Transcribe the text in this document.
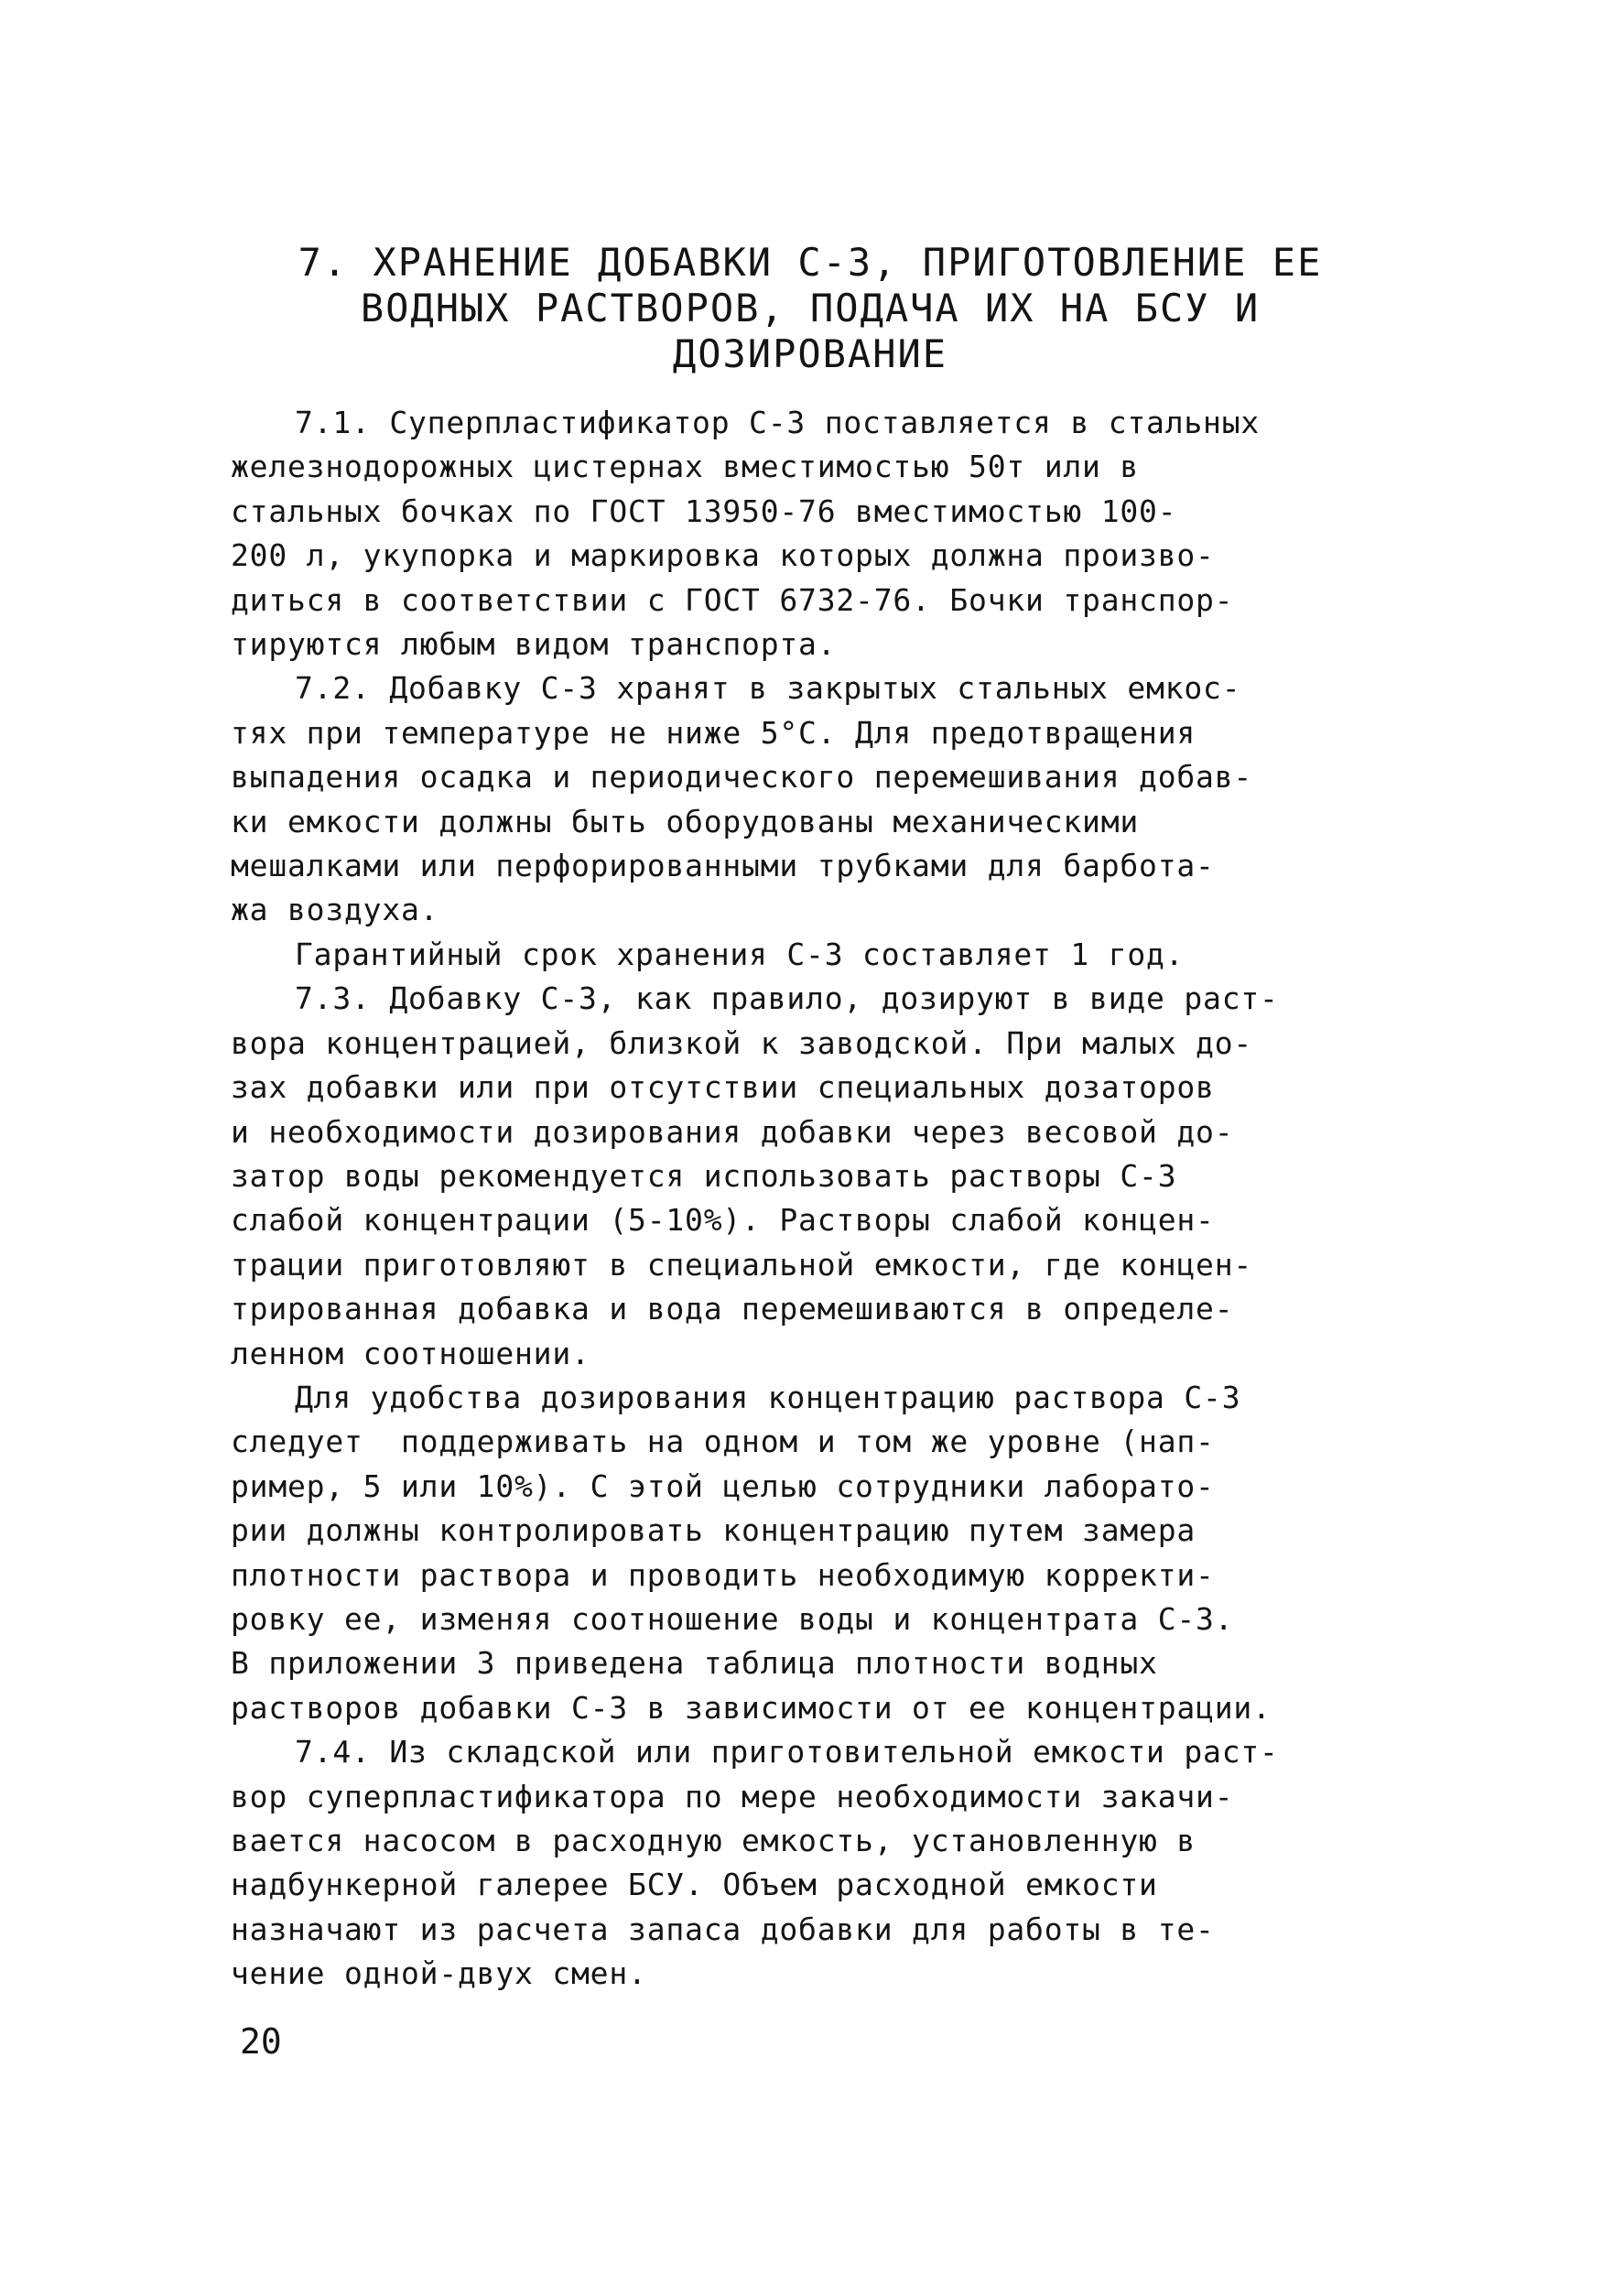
7. ХРАНЕНИЕ ДОБАВКИ С-3, ПРИГОТОВЛЕНИЕ ЕЕ
ВОДНЫХ РАСТВОРОВ, ПОДАЧА ИХ НА БСУ И
ДОЗИРОВАНИЕ
7.1. Суперпластификатор С-3 поставляется в стальных
железнодорожных цистернах вместимостью 50т или в
стальных бочках по ГОСТ 13950-76 вместимостью 100-
200 л, укупорка и маркировка которых должна произво-
диться в соответствии с ГОСТ 6732-76. Бочки транспор-
тируются любым видом транспорта.
7.2. Добавку С-3 хранят в закрытых стальных емкос-
тях при температуре не ниже 5°С. Для предотвращения
выпадения осадка и периодического перемешивания добав-
ки емкости должны быть оборудованы механическими
мешалками или перфорированными трубками для барбота-
жа воздуха.
Гарантийный срок хранения С-3 составляет 1 год.
7.3. Добавку С-3, как правило, дозируют в виде раст-
вора концентрацией, близкой к заводской. При малых до-
зах добавки или при отсутствии специальных дозаторов
и необходимости дозирования добавки через весовой до-
затор воды рекомендуется использовать растворы С-3
слабой концентрации (5-10%). Растворы слабой концен-
трации приготовляют в специальной емкости, где концен-
трированная добавка и вода перемешиваются в определе-
ленном соотношении.
Для удобства дозирования концентрацию раствора С-3
следует  поддерживать на одном и том же уровне (нап-
ример, 5 или 10%). С этой целью сотрудники лаборато-
рии должны контролировать концентрацию путем замера
плотности раствора и проводить необходимую корректи-
ровку ее, изменяя соотношение воды и концентрата С-3.
В приложении 3 приведена таблица плотности водных
растворов добавки С-3 в зависимости от ее концентрации.
7.4. Из складской или приготовительной емкости раст-
вор суперпластификатора по мере необходимости закачи-
вается насосом в расходную емкость, установленную в
надбункерной галерее БСУ. Объем расходной емкости
назначают из расчета запаса добавки для работы в те-
чение одной-двух смен.
20
